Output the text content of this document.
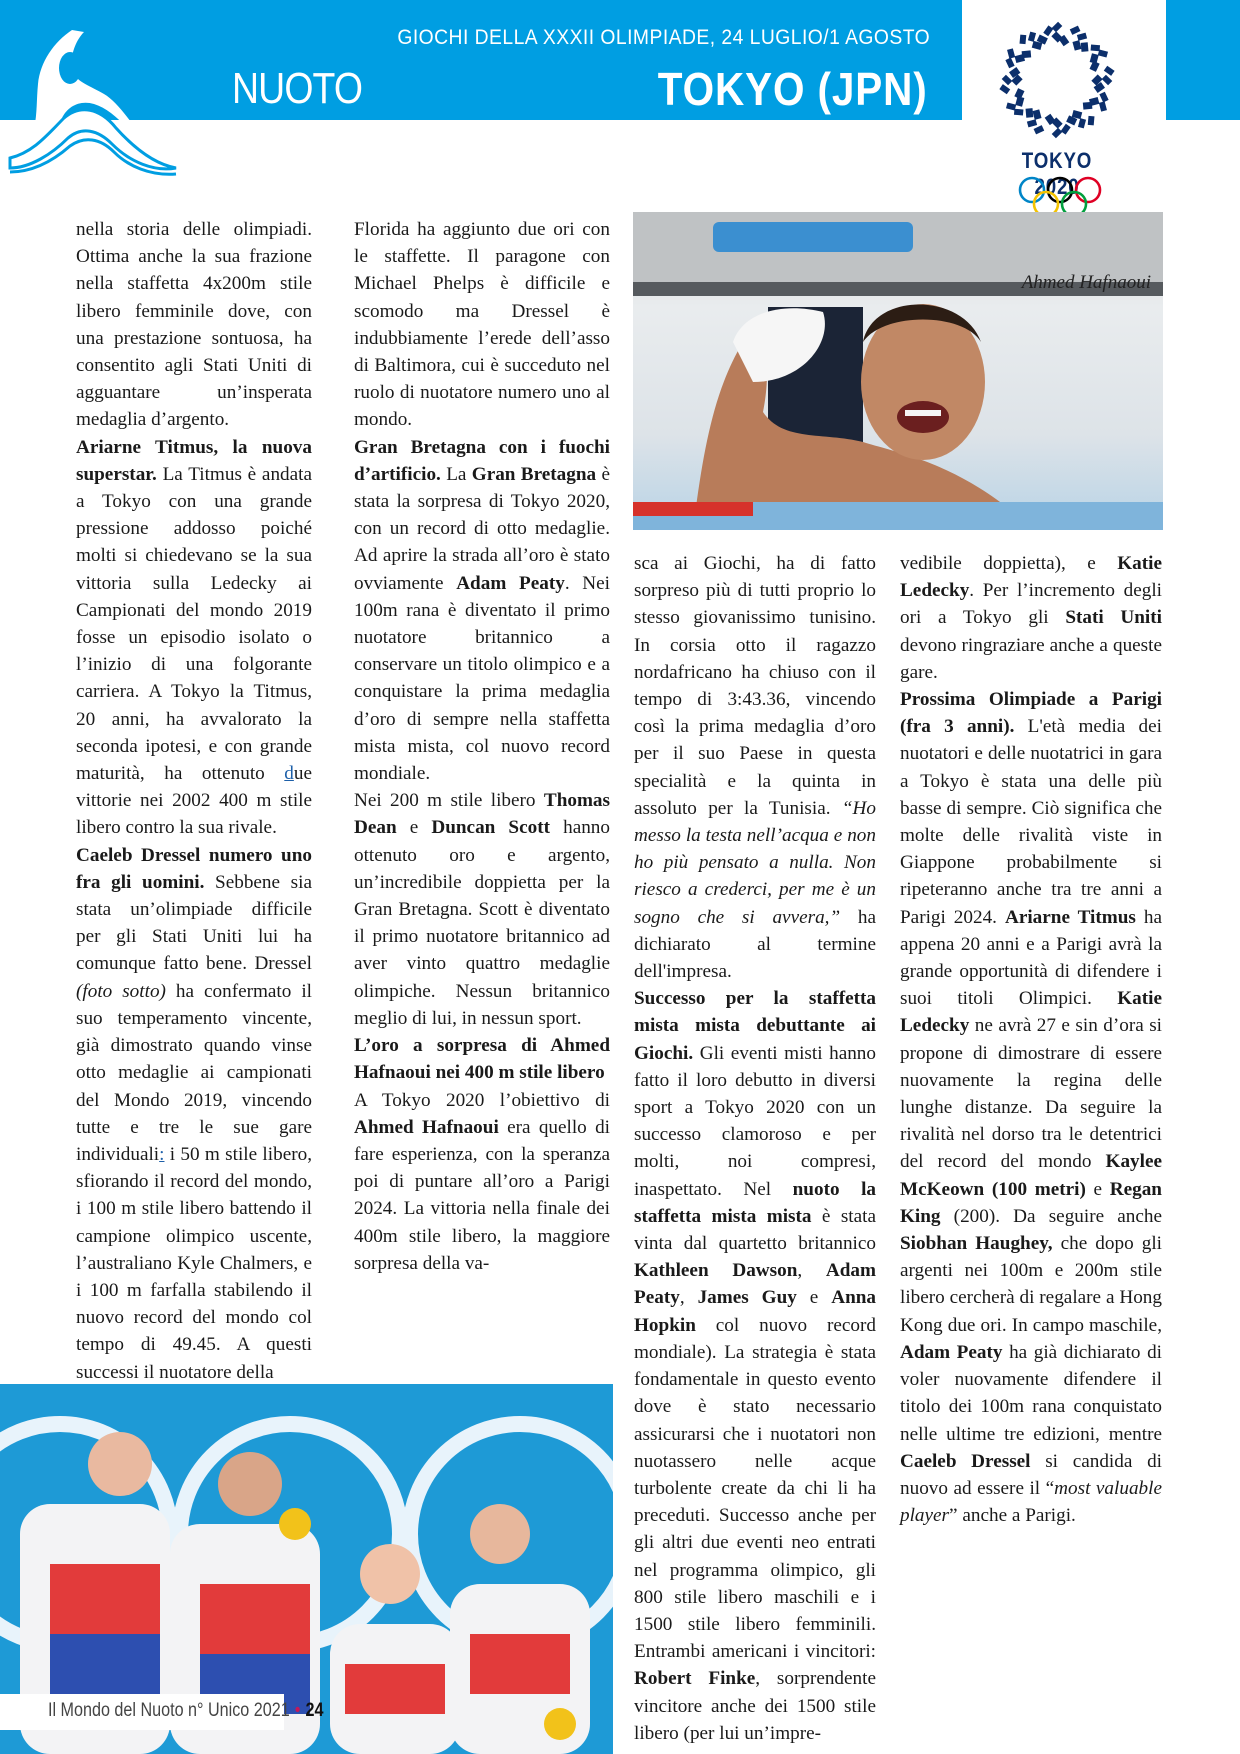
GIOCHI DELLA XXXII OLIMPIADE, 24 LUGLIO/1 AGOSTO
NUOTO	TOKYO (JPN)
TOKYO 2020

nella storia delle olimpiadi. Ottima anche la sua frazione nella staffetta 4x200m stile libero femminile dove, con una prestazione sontuosa, ha consentito agli Stati Uniti di agguantare un’insperata medaglia d’argento.

Ariarne Titmus, la nuova superstar. La Titmus è andata a Tokyo con una grande pressione addosso poiché molti si chiedevano se la sua vittoria sulla Ledecky ai Campionati del mondo 2019 fosse un episodio isolato o l’inizio di una folgorante carriera. A Tokyo la Titmus, 20 anni, ha avvalorato la seconda ipotesi, e con grande maturità, ha ottenuto due vittorie nei 2002 400 m stile libero contro la sua rivale.

Caeleb Dressel numero uno fra gli uomini. Sebbene sia stata un’olimpiade difficile per gli Stati Uniti lui ha comunque fatto bene. Dressel (foto sotto) ha confermato il suo temperamento vincente, già dimostrato quando vinse otto medaglie ai campionati del Mondo 2019, vincendo tutte e tre le sue gare individuali: i 50 m stile libero, sfiorando il record del mondo, i 100 m stile libero battendo il campione olimpico uscente, l’australiano Kyle Chalmers, e i 100 m farfalla stabilendo il nuovo record del mondo col tempo di 49.45. A questi successi il nuotatore della

Florida ha aggiunto due ori con le staffette. Il paragone con Michael Phelps è difficile e scomodo ma Dressel è indubbiamente l’erede dell’asso di Baltimora, cui è succeduto nel ruolo di nuotatore numero uno al mondo.

Gran Bretagna con i fuochi d’artificio. La Gran Bretagna è stata la sorpresa di Tokyo 2020, con un record di otto medaglie. Ad aprire la strada all’oro è stato ovviamente Adam Peaty. Nei 100m rana è diventato il primo nuotatore britannico a conservare un titolo olimpico e a conquistare la prima medaglia d’oro di sempre nella staffetta mista mista, col nuovo record mondiale.

Nei 200 m stile libero Thomas Dean e Duncan Scott hanno ottenuto oro e argento, un’incredibile doppietta per la Gran Bretagna. Scott è diventato il primo nuotatore britannico ad aver vinto quattro medaglie olimpiche. Nessun britannico meglio di lui, in nessun sport.

L’oro a sorpresa di Ahmed Hafnaoui nei 400 m stile libero

A Tokyo 2020 l’obiettivo di Ahmed Hafnaoui era quello di fare esperienza, con la speranza poi di puntare all’oro a Parigi 2024. La vittoria nella finale dei 400m stile libero, la maggiore sorpresa della va-

Ahmed Hafnaoui

sca ai Giochi, ha di fatto sorpreso più di tutti proprio lo stesso giovanissimo tunisino. In corsia otto il ragazzo nordafricano ha chiuso con il tempo di 3:43.36, vincendo così la prima medaglia d’oro per il suo Paese in questa specialità e la quinta in assoluto per la Tunisia. “Ho messo la testa nell’acqua e non ho più pensato a nulla. Non riesco a crederci, per me è un sogno che si avvera,” ha dichiarato al termine dell'impresa.

Successo per la staffetta mista mista debuttante ai Giochi. Gli eventi misti hanno fatto il loro debutto in diversi sport a Tokyo 2020 con un successo clamoroso e per molti, noi compresi, inaspettato. Nel nuoto la staffetta mista mista è stata vinta dal quartetto britannico Kathleen Dawson, Adam Peaty, James Guy e Anna Hopkin col nuovo record mondiale). La strategia è stata fondamentale in questo evento dove è stato necessario assicurarsi che i nuotatori non nuotassero nelle acque turbolente create da chi li ha preceduti. Successo anche per gli altri due eventi neo entrati nel programma olimpico, gli 800 stile libero maschili e i 1500 stile libero femminili. Entrambi americani i vincitori: Robert Finke, sorprendente vincitore anche dei 1500 stile libero (per lui un’impre-

vedibile doppietta), e Katie Ledecky. Per l’incremento degli ori a Tokyo gli Stati Uniti devono ringraziare anche a queste gare.

Prossima Olimpiade a Parigi (fra 3 anni). L'età media dei nuotatori e delle nuotatrici in gara a Tokyo è stata una delle più basse di sempre. Ciò significa che molte delle rivalità viste in Giappone probabilmente si ripeteranno anche tra tre anni a Parigi 2024. Ariarne Titmus ha appena 20 anni e a Parigi avrà la grande opportunità di difendere i suoi titoli Olimpici. Katie Ledecky ne avrà 27 e sin d’ora si propone di dimostrare di essere nuovamente la regina delle lunghe distanze. Da seguire la rivalità nel dorso tra le detentrici del record del mondo Kaylee McKeown (100 metri) e Regan King (200). Da seguire anche Siobhan Haughey, che dopo gli argenti nei 100m e 200m stile libero cercherà di regalare a Hong Kong due ori. In campo maschile, Adam Peaty ha già dichiarato di voler nuovamente difendere il titolo dei 100m rana conquistato nelle ultime tre edizioni, mentre Caeleb Dressel si candida di nuovo ad essere il “most valuable player” anche a Parigi.

Il Mondo del Nuoto n° Unico 2021 • 24
